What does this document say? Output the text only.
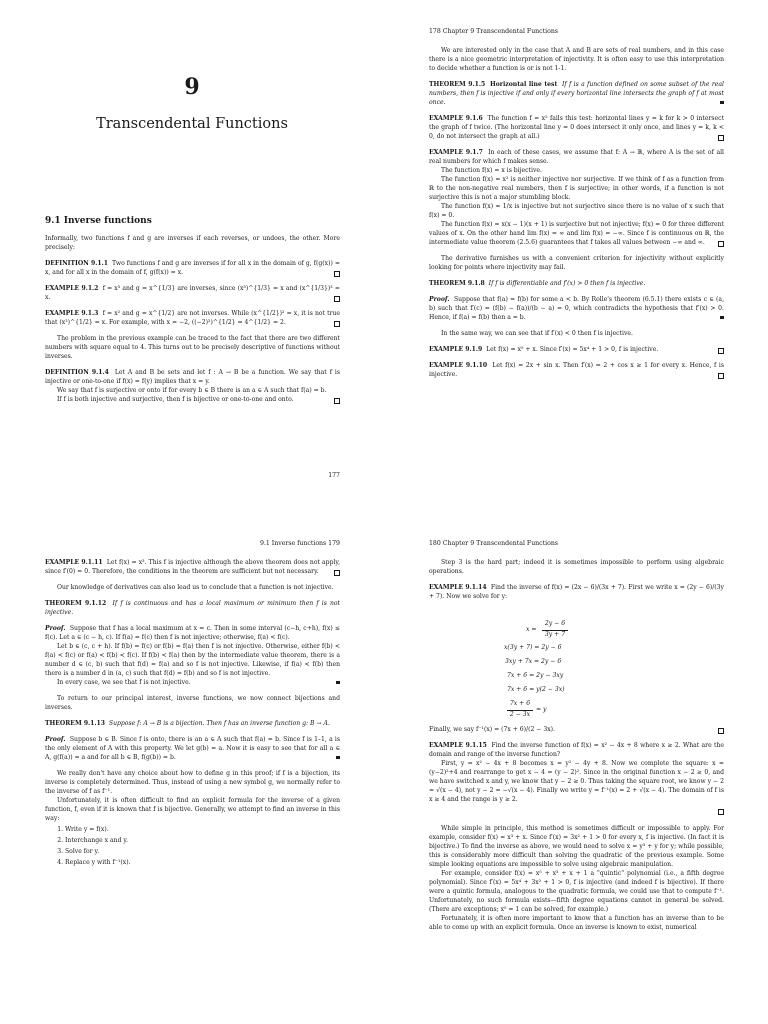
9
Transcendental Functions
9.1 Inverse functions

Informally, two functions f and g are inverses if each reverses, or undoes, the other. More precisely:

DEFINITION 9.1.1 Two functions f and g are inverses if for all x in the domain of g, f(g(x)) = x, and for all x in the domain of f, g(f(x)) = x.

EXAMPLE 9.1.2 f = x³ and g = x^{1/3} are inverses, since (x³)^{1/3} = x and (x^{1/3})³ = x.

EXAMPLE 9.1.3 f = x² and g = x^{1/2} are not inverses. While (x^{1/2})² = x, it is not true that (x²)^{1/2} = x. For example, with x = −2, ((−2)²)^{1/2} = 4^{1/2} = 2.

The problem in the previous example can be traced to the fact that there are two different numbers with square equal to 4. This turns out to be precisely descriptive of functions without inverses.

DEFINITION 9.1.4 Let A and B be sets and let f : A → B be a function. We say that f is injective or one-to-one if f(x) = f(y) implies that x = y.

We say that f is surjective or onto if for every b ∈ B there is an a ∈ A such that f(a) = b.

If f is both injective and surjective, then f is bijective or one-to-one and onto.

177
178 Chapter 9 Transcendental Functions

We are interested only in the case that A and B are sets of real numbers, and in this case there is a nice geometric interpretation of injectivity. It is often easy to use this interpretation to decide whether a function is or is not 1-1.

THEOREM 9.1.5 Horizontal line test If f is a function defined on some subset of the real numbers, then f is injective if and only if every horizontal line intersects the graph of f at most once.

EXAMPLE 9.1.6 The function f = x² fails this test: horizontal lines y = k for k > 0 intersect the graph of f twice. (The horizontal line y = 0 does intersect it only once, and lines y = k, k < 0, do not intersect the graph at all.)

EXAMPLE 9.1.7 In each of these cases, we assume that f: A → ℝ, where A is the set of all real numbers for which f makes sense.

The function f(x) = x is bijective.

The function f(x) = x² is neither injective nor surjective. If we think of f as a function from ℝ to the non-negative real numbers, then f is surjective; in other words, if a function is not surjective this is not a major stumbling block.

The function f(x) = 1/x is injective but not surjective since there is no value of x such that f(x) = 0.

The function f(x) = x(x − 1)(x + 1) is surjective but not injective; f(x) = 0 for three different values of x. On the other hand lim f(x) = ∞ and lim f(x) = −∞. Since f is continuous on ℝ, the intermediate value theorem (2.5.6) guarantees that f takes all values between −∞ and ∞.

The derivative furnishes us with a convenient criterion for injectivity without explicitly looking for points where injectivity may fail.

THEOREM 9.1.8 If f is differentiable and f′(x) > 0 then f is injective.

Proof. Suppose that f(a) = f(b) for some a < b. By Rolle's theorem (6.5.1) there exists c ∈ (a, b) such that f′(c) = (f(b) − f(a))/(b − a) = 0, which contradicts the hypothesis that f′(x) > 0. Hence, if f(a) = f(b) then a = b.

In the same way, we can see that if f′(x) < 0 then f is injective.

EXAMPLE 9.1.9 Let f(x) = x⁵ + x. Since f′(x) = 5x⁴ + 1 > 0, f is injective.

EXAMPLE 9.1.10 Let f(x) = 2x + sin x. Then f′(x) = 2 + cos x ≥ 1 for every x. Hence, f is injective.

9.1 Inverse functions 179

EXAMPLE 9.1.11 Let f(x) = x³. This f is injective although the above theorem does not apply, since f′(0) = 0. Therefore, the conditions in the theorem are sufficient but not necessary.

Our knowledge of derivatives can also lead us to conclude that a function is not injective.

THEOREM 9.1.12 If f is continuous and has a local maximum or minimum then f is not injective.

Proof. Suppose that f has a local maximum at x = c. Then in some interval (c−h, c+h), f(x) ≤ f(c). Let a ∈ (c − h, c). If f(a) = f(c) then f is not injective; otherwise, f(a) < f(c).

Let b ∈ (c, c + h). If f(b) = f(c) or f(b) = f(a) then f is not injective. Otherwise, either f(b) < f(a) < f(c) or f(a) < f(b) < f(c). If f(b) < f(a) then by the intermediate value theorem, there is a number d ∈ (c, b) such that f(d) = f(a) and so f is not injective. Likewise, if f(a) < f(b) then there is a number d in (a, c) such that f(d) = f(b) and so f is not injective.

In every case, we see that f is not injective.

To return to our principal interest, inverse functions, we now connect bijections and inverses.

THEOREM 9.1.13 Suppose f: A → B is a bijection. Then f has an inverse function g: B → A.

Proof. Suppose b ∈ B. Since f is onto, there is an a ∈ A such that f(a) = b. Since f is 1–1, a is the only element of A with this property. We let g(b) = a. Now it is easy to see that for all a ∈ A, g(f(a)) = a and for all b ∈ B, f(g(b)) = b.

We really don't have any choice about how to define g in this proof; if f is a bijection, its inverse is completely determined. Thus, instead of using a new symbol g, we normally refer to the inverse of f as f⁻¹.

Unfortunately, it is often difficult to find an explicit formula for the inverse of a given function, f, even if it is known that f is bijective. Generally, we attempt to find an inverse in this way:

1. Write y = f(x).
2. Interchange x and y.
3. Solve for y.
4. Replace y with f⁻¹(x).
180 Chapter 9 Transcendental Functions

Step 3 is the hard part; indeed it is sometimes impossible to perform using algebraic operations.

EXAMPLE 9.1.14 Find the inverse of f(x) = (2x − 6)/(3x + 7). First we write x = (2y − 6)/(3y + 7). Now we solve for y:

x =
2y − 6
3y + 7
x(3y + 7) = 2y − 6
3xy + 7x = 2y − 6
7x + 6 = 2y − 3xy
7x + 6 = y(2 − 3x)
7x + 6
2 − 3x
= y

Finally, we say f⁻¹(x) = (7x + 6)/(2 − 3x).

EXAMPLE 9.1.15 Find the inverse function of f(x) = x² − 4x + 8 where x ≥ 2. What are the domain and range of the inverse function?

First, y = x² − 4x + 8 becomes x = y² − 4y + 8. Now we complete the square: x = (y−2)²+4 and rearrange to get x − 4 = (y − 2)². Since in the original function x − 2 ≥ 0, and we have switched x and y, we know that y − 2 ≥ 0. Thus taking the square root, we know y − 2 = √(x − 4), not y − 2 = −√(x − 4). Finally we write y = f⁻¹(x) = 2 + √(x − 4). The domain of f is x ≥ 4 and the range is y ≥ 2.

While simple in principle, this method is sometimes difficult or impossible to apply. For example, consider f(x) = x³ + x. Since f′(x) = 3x² + 1 > 0 for every x, f is injective. (In fact it is bijective.) To find the inverse as above, we would need to solve x = y³ + y for y; while possible, this is considerably more difficult than solving the quadratic of the previous example. Some simple looking equations are impossible to solve using algebraic manipulation.

For example, consider f(x) = x⁵ + x³ + x + 1 a "quintic" polynomial (i.e., a fifth degree polynomial). Since f′(x) = 5x⁴ + 3x² + 1 > 0, f is injective (and indeed f is bijective). If there were a quintic formula, analogous to the quadratic formula, we could use that to compute f⁻¹. Unfortunately, no such formula exists—fifth degree equations cannot in general be solved. (There are exceptions; x⁵ = 1 can be solved, for example.)

Fortunately, it is often more important to know that a function has an inverse than to be able to come up with an explicit formula. Once an inverse is known to exist, numerical
